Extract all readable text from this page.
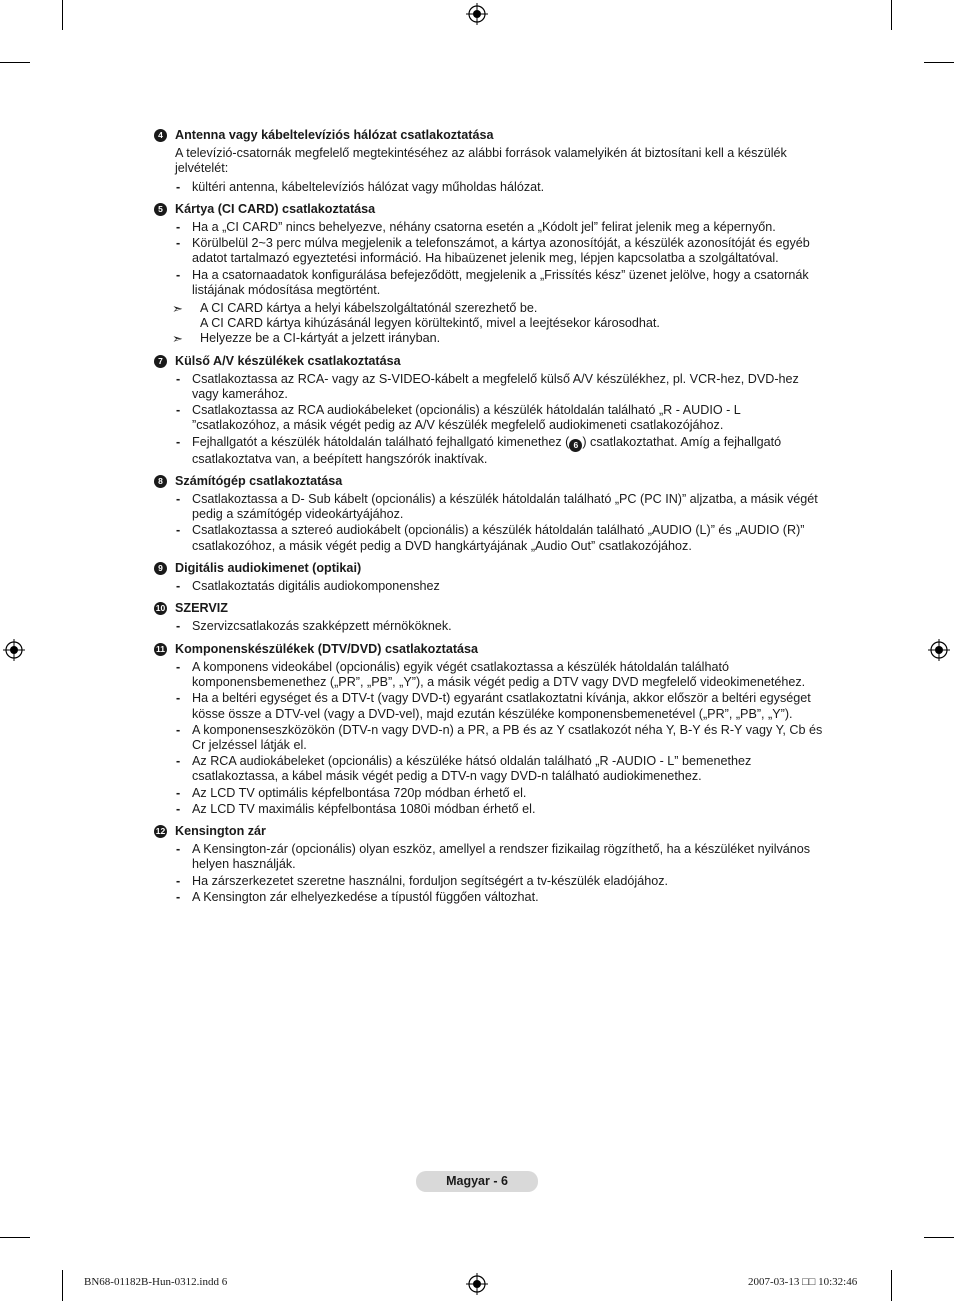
4 Antenna vagy kábeltelevíziós hálózat csatlakoztatása
A televízió-csatornák megfelelő megtekintéséhez az alábbi források valamelyikén át biztosítani kell a készülék jelvételét:
- kültéri antenna, kábeltelevíziós hálózat vagy műholdas hálózat.
5 Kártya (CI CARD) csatlakoztatása
- Ha a „CI CARD” nincs behelyezve, néhány csatorna esetén a „Kódolt jel” felirat jelenik meg a képernyőn.
- Körülbelül 2~3 perc múlva megjelenik a telefonszámot, a kártya azonosítóját, a készülék azonosítóját és egyéb adatot tartalmazó egyeztetési információ. Ha hibaüzenet jelenik meg, lépjen kapcsolatba a szolgáltatóval.
- Ha a csatornaadatok konfigurálása befejeződött, megjelenik a „Frissítés kész” üzenet jelölve, hogy a csatornák listájának módosítása megtörtént.
➣ A CI CARD kártya a helyi kábelszolgáltatónál szerezhető be.
A CI CARD kártya kihúzásánál legyen körültekintő, mivel a leejtésekor károsodhat.
➣ Helyezze be a CI-kártyát a jelzett irányban.
7 Külső A/V készülékek csatlakoztatása
- Csatlakoztassa az RCA- vagy az S-VIDEO-kábelt a megfelelő külső A/V készülékhez, pl. VCR-hez, DVD-hez vagy kamerához.
- Csatlakoztassa az RCA audiokábeleket (opcionális) a készülék hátoldalán található „R - AUDIO - L ”csatlakozóhoz, a másik végét pedig az A/V készülék megfelelő audiokimeneti csatlakozójához.
- Fejhallgatót a készülék hátoldalán található fejhallgató kimenethez ( 6 ) csatlakoztathat. Amíg a fejhallgató csatlakoztatva van, a beépített hangszórók inaktívak.
8 Számítógép csatlakoztatása
- Csatlakoztassa a D- Sub kábelt (opcionális) a készülék hátoldalán található „PC (PC IN)” aljzatba, a másik végét pedig a számítógép videokártyájához.
- Csatlakoztassa a sztereó audiokábelt (opcionális) a készülék hátoldalán található „AUDIO (L)” és „AUDIO (R)” csatlakozóhoz, a másik végét pedig a DVD hangkártyájának „Audio Out” csatlakozójához.
9 Digitális audiokimenet (optikai)
- Csatlakoztatás digitális audiokomponenshez
10 SZERVIZ
- Szervizcsatlakozás szakképzett mérnököknek.
11 Komponenskészülékek (DTV/DVD) csatlakoztatása
- A komponens videokábel (opcionális) egyik végét csatlakoztassa a készülék hátoldalán található komponensbemenethez („PR”, „PB”, „Y”), a másik végét pedig a DTV vagy DVD megfelelő videokimenetéhez.
- Ha a beltéri egységet és a DTV-t (vagy DVD-t) egyaránt csatlakoztatni kívánja, akkor először a beltéri egységet kösse össze a DTV-vel (vagy a DVD-vel), majd ezután készüléke komponensbemenetével („PR”, „PB”, „Y”).
- A komponenseszközökön (DTV-n vagy DVD-n) a PR, a PB és az Y csatlakozót néha Y, B-Y és R-Y vagy Y, Cb és Cr jelzéssel látják el.
- Az RCA audiokábeleket (opcionális) a készüléke hátsó oldalán található „R -AUDIO - L” bemenethez csatlakoztassa, a kábel másik végét pedig a DTV-n vagy DVD-n található audiokimenethez.
- Az LCD TV optimális képfelbontása 720p módban érhető el.
- Az LCD TV maximális képfelbontása 1080i módban érhető el.
12 Kensington zár
- A Kensington-zár (opcionális) olyan eszköz, amellyel a rendszer fizikailag rögzíthető, ha a készüléket nyilvános helyen használják.
- Ha zárszerkezetet szeretne használni, forduljon segítségért a tv-készülék eladójához.
- A Kensington zár elhelyezkedése a típustól függően változhat.
Magyar - 6
BN68-01182B-Hun-0312.indd 6	2007-03-13 □□ 10:32:46
